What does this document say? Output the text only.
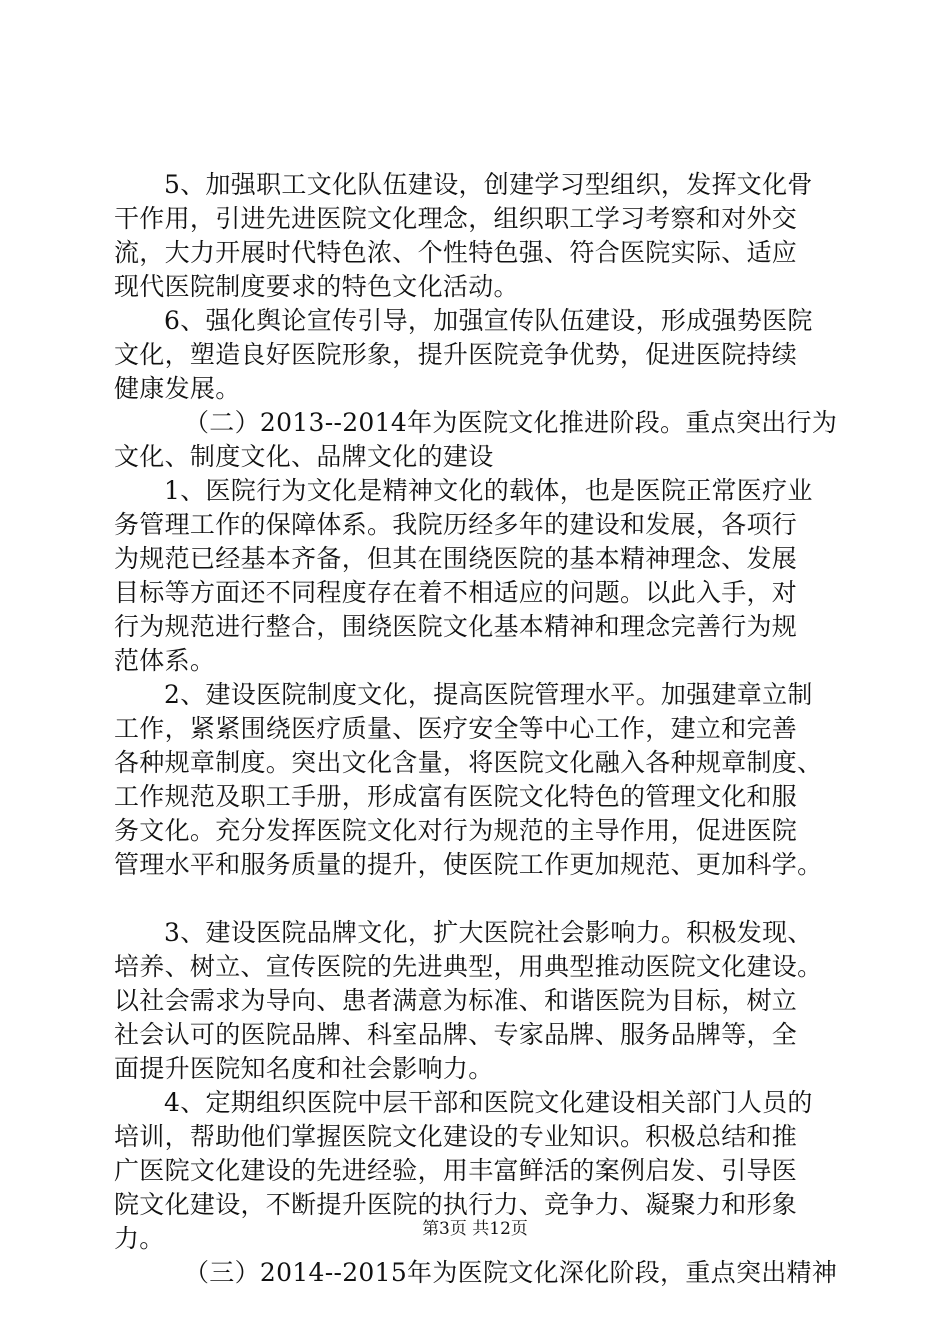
5、加强职工文化队伍建设，创建学习型组织，发挥文化骨
干作用，引进先进医院文化理念，组织职工学习考察和对外交
流，大力开展时代特色浓、个性特色强、符合医院实际、适应
现代医院制度要求的特色文化活动。
6、强化舆论宣传引导，加强宣传队伍建设，形成强势医院
文化，塑造良好医院形象，提升医院竞争优势，促进医院持续
健康发展。
（二）2013--2014年为医院文化推进阶段。重点突出行为
文化、制度文化、品牌文化的建设
1、医院行为文化是精神文化的载体，也是医院正常医疗业
务管理工作的保障体系。我院历经多年的建设和发展，各项行
为规范已经基本齐备，但其在围绕医院的基本精神理念、发展
目标等方面还不同程度存在着不相适应的问题。以此入手，对
行为规范进行整合，围绕医院文化基本精神和理念完善行为规
范体系。
2、建设医院制度文化，提高医院管理水平。加强建章立制
工作，紧紧围绕医疗质量、医疗安全等中心工作，建立和完善
各种规章制度。突出文化含量，将医院文化融入各种规章制度、
工作规范及职工手册，形成富有医院文化特色的管理文化和服
务文化。充分发挥医院文化对行为规范的主导作用，促进医院
管理水平和服务质量的提升，使医院工作更加规范、更加科学。
3、建设医院品牌文化，扩大医院社会影响力。积极发现、
培养、树立、宣传医院的先进典型，用典型推动医院文化建设。
以社会需求为导向、患者满意为标准、和谐医院为目标，树立
社会认可的医院品牌、科室品牌、专家品牌、服务品牌等，全
面提升医院知名度和社会影响力。
4、定期组织医院中层干部和医院文化建设相关部门人员的
培训，帮助他们掌握医院文化建设的专业知识。积极总结和推
广医院文化建设的先进经验，用丰富鲜活的案例启发、引导医
院文化建设，不断提升医院的执行力、竞争力、凝聚力和形象
力。
（三）2014--2015年为医院文化深化阶段，重点突出精神
第3页 共12页
